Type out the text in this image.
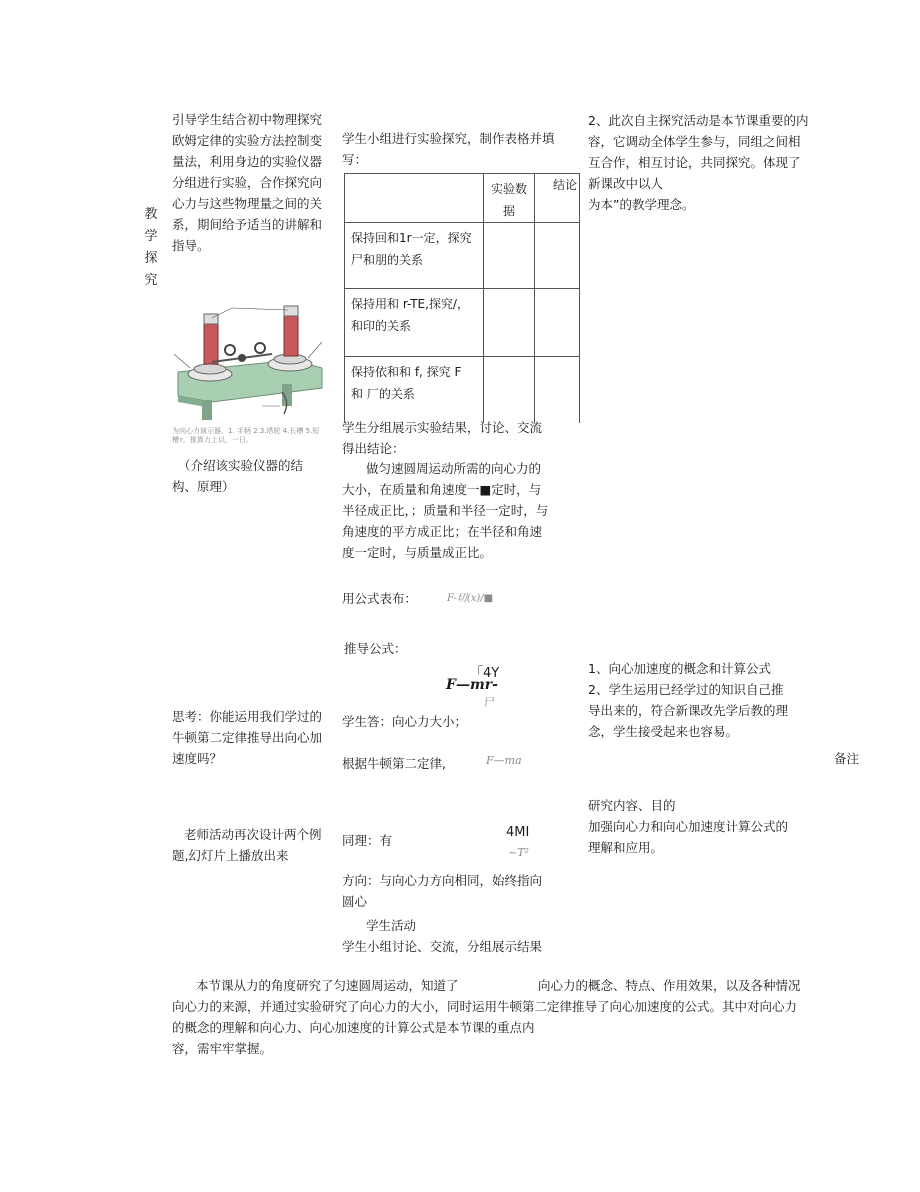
引导学生结合初中物理探究欧姆定律的实验方法控制变量法，利用身边的实验仪器分组进行实验，合作探究向心力与这些物理量之间的关系，期间给予适当的讲解和指导。
教
学
探
究
为向心力演示器，1. 手柄 2.3.塔轮 4.长槽 5.短槽 r，推算力上以，一日。
（介绍该实验仪器的结构、原理）
思考：你能运用我们学过的牛顿第二定律推导出向心加速度吗？
老师活动再次设计两个例题,幻灯片上播放出来
学生小组进行实验探究，制作表格并填写：

	实验数据	结论

保持回和1r一定，探究尸和朋的关系		

保持用和 r-TE,探究/，和印的关系		

保持依和和 f, 探究 F 和 厂的关系		

学生分组展示实验结果，讨论、交流得出结论：
做匀速圆周运动所需的向心力的大小，在质量和角速度一■定时，与半径成正比，；质量和半径一定时，与角速度的平方成正比；在半径和角速度一定时，与质量成正比。
用公式表布：	F-切(x)/■
推导公式：
「4Y
F—mr-
尸
学生答：向心力大小；
根据牛顿第二定律,	F—ma
同理：有
4MI
~T²
方向：与向心力方向相同，始终指向圆心
学生活动
学生小组讨论、交流，分组展示结果
2、此次自主探究活动是本节课重要的内容，它调动全体学生参与，同组之间相互合作，相互讨论，共同探究。体现了新课改中以人
为本”的教学理念。
1、向心加速度的概念和计算公式
2、学生运用已经学过的知识自己推导出来的，符合新课改先学后教的理念，学生接受起来也容易。
备注
研究内容、目的
加强向心力和向心加速度计算公式的理解和应用。
本节课从力的角度研究了匀速圆周运动，知道了	向心力的概念、特点、作用效果，以及各种情况向心力的来源，并通过实验研究了向心力的大小，同时运用牛顿第二定律推导了向心加速度的公式。其中对向心力的概念的理解和向心力、向心加速度的计算公式是本节课的重点内
容，需牢牢掌握。
